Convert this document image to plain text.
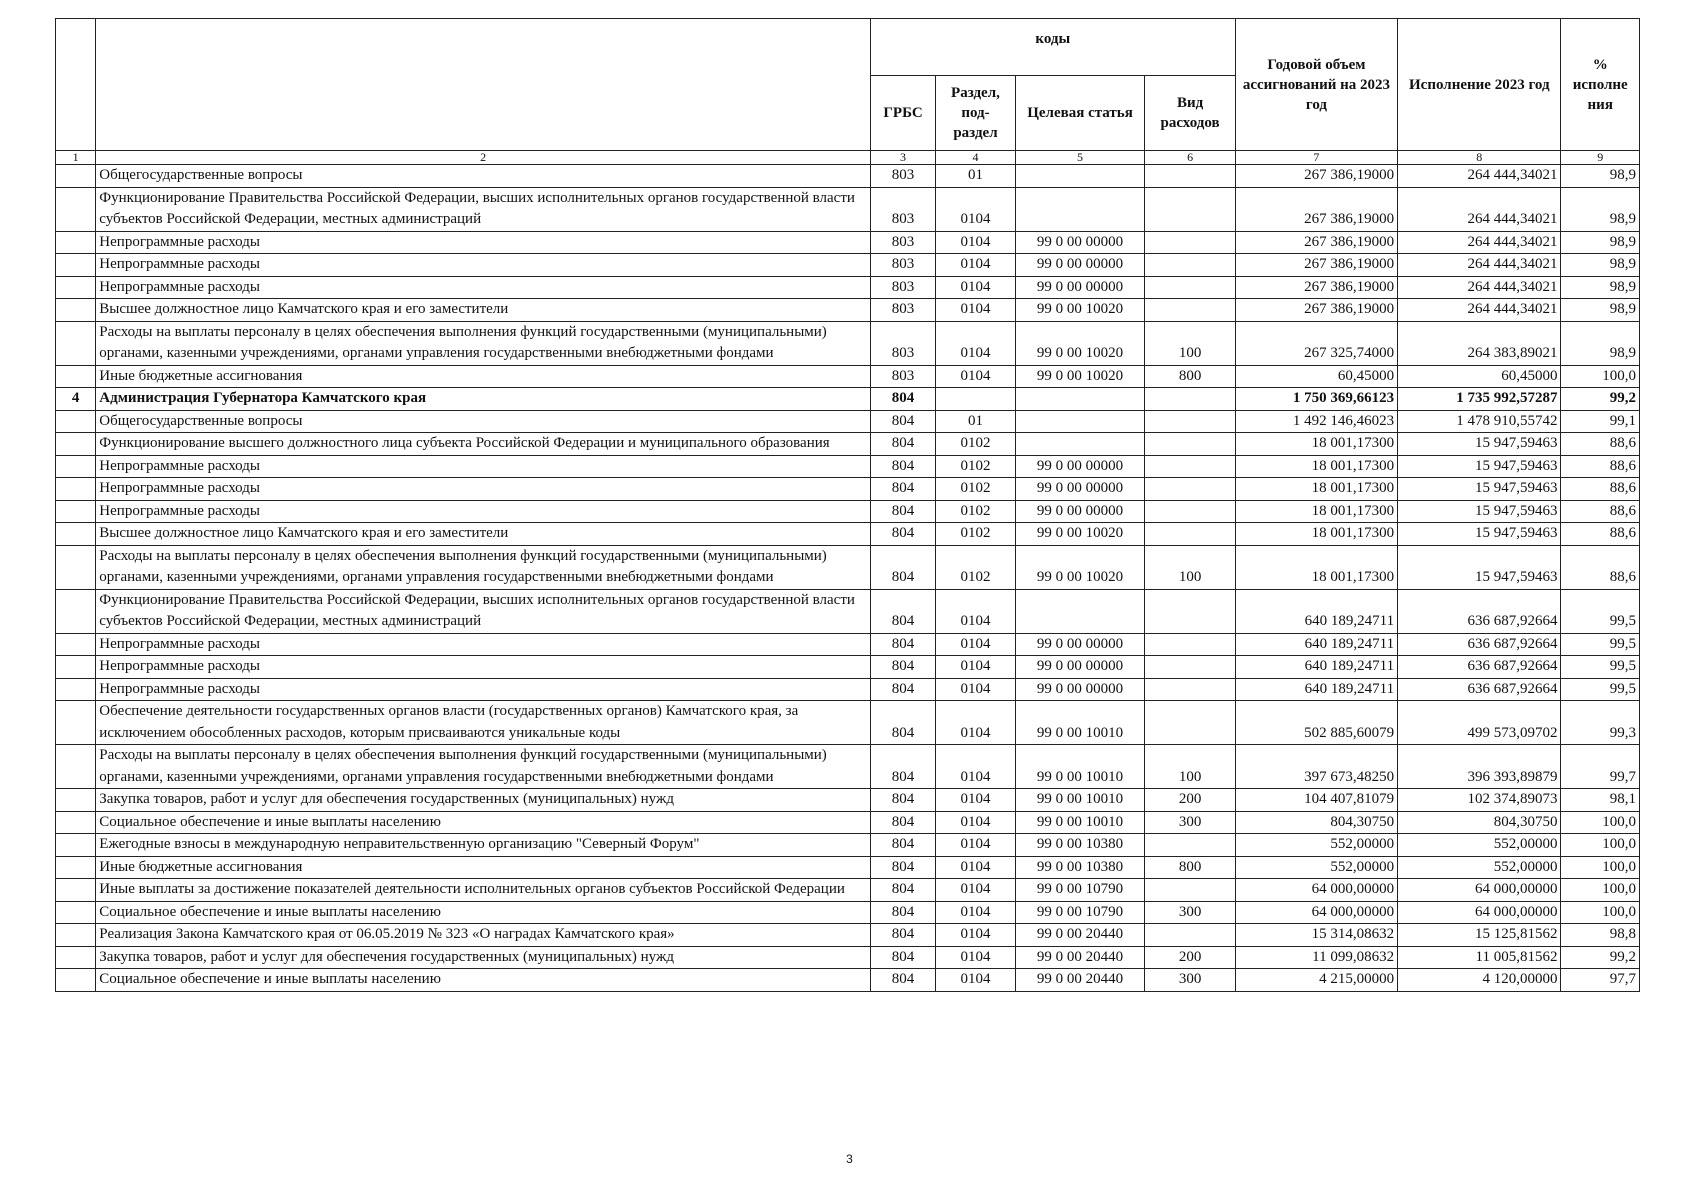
		коды				Годовой объем ассигнований на 2023 год	Исполнение 2023 год	% исполне ния
		ГРБС	Раздел, под-раздел	Целевая статья	Вид расходов			
1	2	3	4	5	6	7	8	9
	Общегосударственные вопросы	803	01			267 386,19000	264 444,34021	98,9
	Функционирование Правительства Российской Федерации, высших исполнительных органов государственной власти субъектов Российской Федерации, местных администраций	803	0104			267 386,19000	264 444,34021	98,9
	Непрограммные расходы	803	0104	99 0 00 00000		267 386,19000	264 444,34021	98,9
	Непрограммные расходы	803	0104	99 0 00 00000		267 386,19000	264 444,34021	98,9
	Непрограммные расходы	803	0104	99 0 00 00000		267 386,19000	264 444,34021	98,9
	Высшее должностное лицо Камчатского края и его заместители	803	0104	99 0 00 10020		267 386,19000	264 444,34021	98,9
	Расходы на выплаты персоналу в целях обеспечения выполнения функций государственными (муниципальными) органами, казенными учреждениями, органами управления государственными внебюджетными фондами	803	0104	99 0 00 10020	100	267 325,74000	264 383,89021	98,9
	Иные бюджетные ассигнования	803	0104	99 0 00 10020	800	60,45000	60,45000	100,0
4	Администрация Губернатора Камчатского края	804				1 750 369,66123	1 735 992,57287	99,2
	Общегосударственные вопросы	804	01			1 492 146,46023	1 478 910,55742	99,1
	Функционирование высшего должностного лица субъекта Российской Федерации и муниципального образования	804	0102			18 001,17300	15 947,59463	88,6
	Непрограммные расходы	804	0102	99 0 00 00000		18 001,17300	15 947,59463	88,6
	Непрограммные расходы	804	0102	99 0 00 00000		18 001,17300	15 947,59463	88,6
	Непрограммные расходы	804	0102	99 0 00 00000		18 001,17300	15 947,59463	88,6
	Высшее должностное лицо Камчатского края и его заместители	804	0102	99 0 00 10020		18 001,17300	15 947,59463	88,6
	Расходы на выплаты персоналу в целях обеспечения выполнения функций государственными (муниципальными) органами, казенными учреждениями, органами управления государственными внебюджетными фондами	804	0102	99 0 00 10020	100	18 001,17300	15 947,59463	88,6
	Функционирование Правительства Российской Федерации, высших исполнительных органов государственной власти субъектов Российской Федерации, местных администраций	804	0104			640 189,24711	636 687,92664	99,5
	Непрограммные расходы	804	0104	99 0 00 00000		640 189,24711	636 687,92664	99,5
	Непрограммные расходы	804	0104	99 0 00 00000		640 189,24711	636 687,92664	99,5
	Непрограммные расходы	804	0104	99 0 00 00000		640 189,24711	636 687,92664	99,5
	Обеспечение деятельности государственных органов власти (государственных органов) Камчатского края, за исключением обособленных расходов, которым присваиваются уникальные коды	804	0104	99 0 00 10010		502 885,60079	499 573,09702	99,3
	Расходы на выплаты персоналу в целях обеспечения выполнения функций государственными (муниципальными) органами, казенными учреждениями, органами управления государственными внебюджетными фондами	804	0104	99 0 00 10010	100	397 673,48250	396 393,89879	99,7
	Закупка товаров, работ и услуг для обеспечения государственных (муниципальных) нужд	804	0104	99 0 00 10010	200	104 407,81079	102 374,89073	98,1
	Социальное обеспечение и иные выплаты населению	804	0104	99 0 00 10010	300	804,30750	804,30750	100,0
	Ежегодные взносы в международную неправительственную организацию "Северный Форум"	804	0104	99 0 00 10380		552,00000	552,00000	100,0
	Иные бюджетные ассигнования	804	0104	99 0 00 10380	800	552,00000	552,00000	100,0
	Иные выплаты за достижение показателей деятельности исполнительных органов субъектов Российской Федерации	804	0104	99 0 00 10790		64 000,00000	64 000,00000	100,0
	Социальное обеспечение и иные выплаты населению	804	0104	99 0 00 10790	300	64 000,00000	64 000,00000	100,0
	Реализация Закона Камчатского края от 06.05.2019 № 323 «О наградах Камчатского края»	804	0104	99 0 00 20440		15 314,08632	15 125,81562	98,8
	Закупка товаров, работ и услуг для обеспечения государственных (муниципальных) нужд	804	0104	99 0 00 20440	200	11 099,08632	11 005,81562	99,2
	Социальное обеспечение и иные выплаты населению	804	0104	99 0 00 20440	300	4 215,00000	4 120,00000	97,7
3
